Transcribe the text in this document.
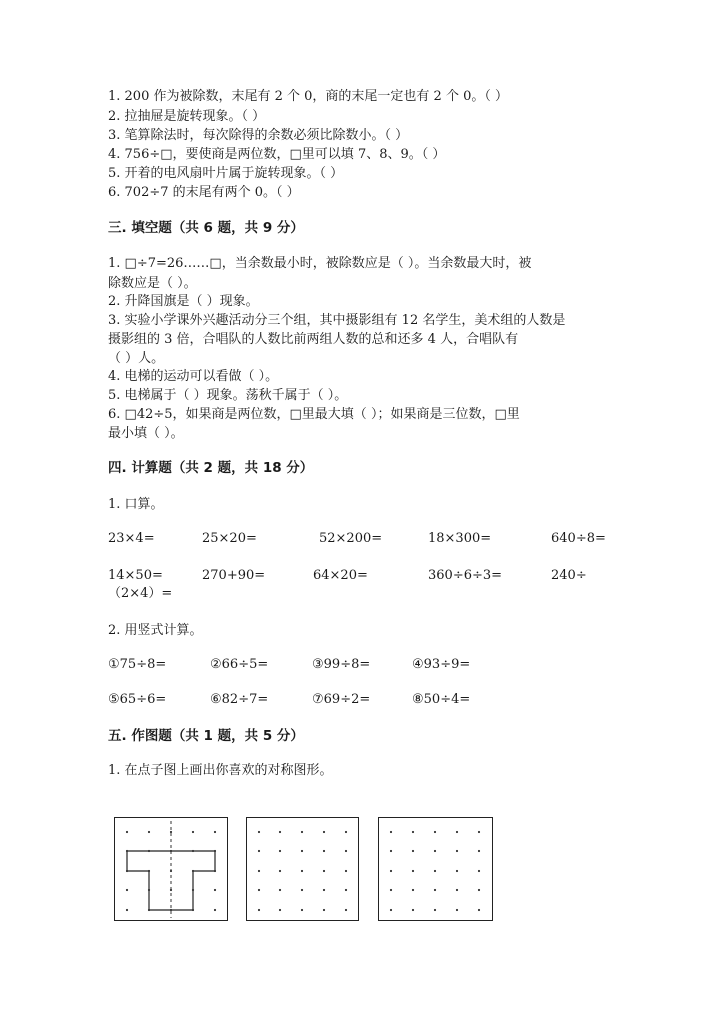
1. 200 作为被除数，末尾有 2 个 0，商的末尾一定也有 2 个 0。（ ）
2. 拉抽屉是旋转现象。（ ）
3. 笔算除法时，每次除得的余数必须比除数小。（ ）
4. 756÷□，要使商是两位数，□里可以填 7、8、9。（ ）
5. 开着的电风扇叶片属于旋转现象。（ ）
6. 702÷7 的末尾有两个 0。（ ）
三. 填空题（共 6 题，共 9 分）
1. □÷7=26……□，当余数最小时，被除数应是（ ）。当余数最大时，被
除数应是（ ）。
2. 升降国旗是（ ）现象。
3. 实验小学课外兴趣活动分三个组，其中摄影组有 12 名学生，美术组的人数是
摄影组的 3 倍，合唱队的人数比前两组人数的总和还多 4 人，合唱队有
（ ）人。
4. 电梯的运动可以看做（ ）。
5. 电梯属于（ ）现象。荡秋千属于（ ）。
6. □42÷5，如果商是两位数，□里最大填（ ）；如果商是三位数，□里
最小填（ ）。
四. 计算题（共 2 题，共 18 分）
1. 口算。
23×4=	25×20=	52×200=	18×300=	640÷8=
14×50=	270+90=	64×20=	360÷6÷3=	240÷
（2×4）=
2. 用竖式计算。
①75÷8=	②66÷5=	③99÷8=	④93÷9=
⑤65÷6=	⑥82÷7=	⑦69÷2=	⑧50÷4=
五. 作图题（共 1 题，共 5 分）
1. 在点子图上画出你喜欢的对称图形。
